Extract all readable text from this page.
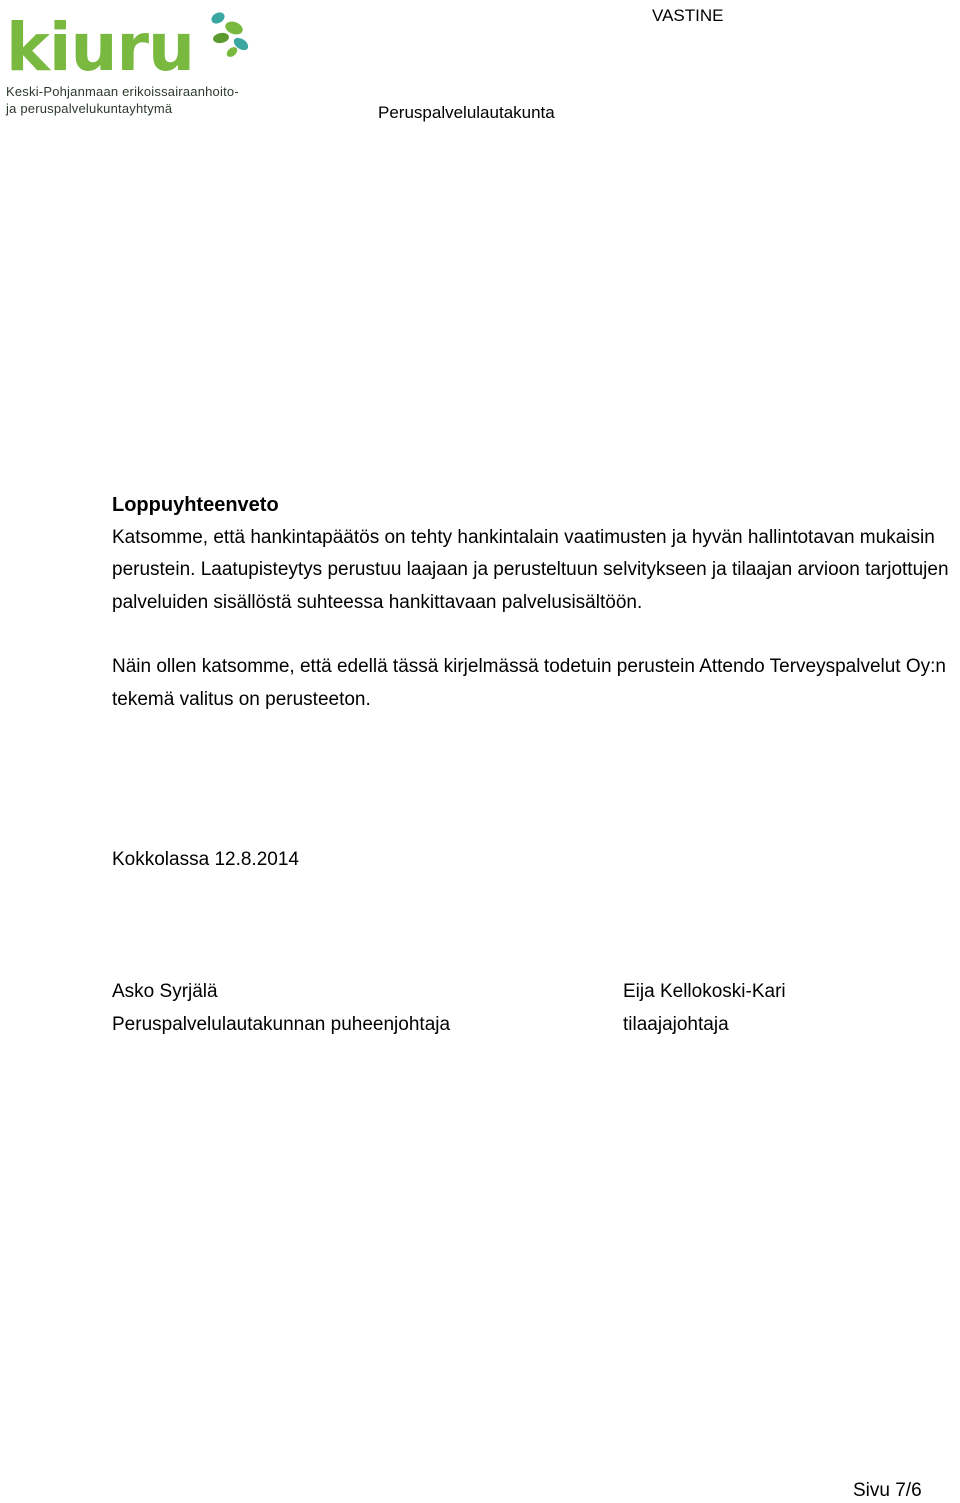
kiuru
Keski-Pohjanmaan erikoissairaanhoito-
ja peruspalvelukuntayhtymä
VASTINE
Peruspalvelulautakunta

Loppuyhteenveto

Katsomme, että hankintapäätös on tehty hankintalain vaatimusten ja hyvän hallintotavan mukaisin perustein. Laatupisteytys perustuu laajaan ja perusteltuun selvitykseen ja tilaajan arvioon tarjottujen palveluiden sisällöstä suhteessa hankittavaan palvelusisältöön.

Näin ollen katsomme, että edellä tässä kirjelmässä todetuin perustein Attendo Terveyspalvelut Oy:n tekemä valitus on perusteeton.

Kokkolassa 12.8.2014
Asko Syrjälä
Peruspalvelulautakunnan puheenjohtaja
Eija Kellokoski-Kari
tilaajajohtaja
Sivu 7/6
